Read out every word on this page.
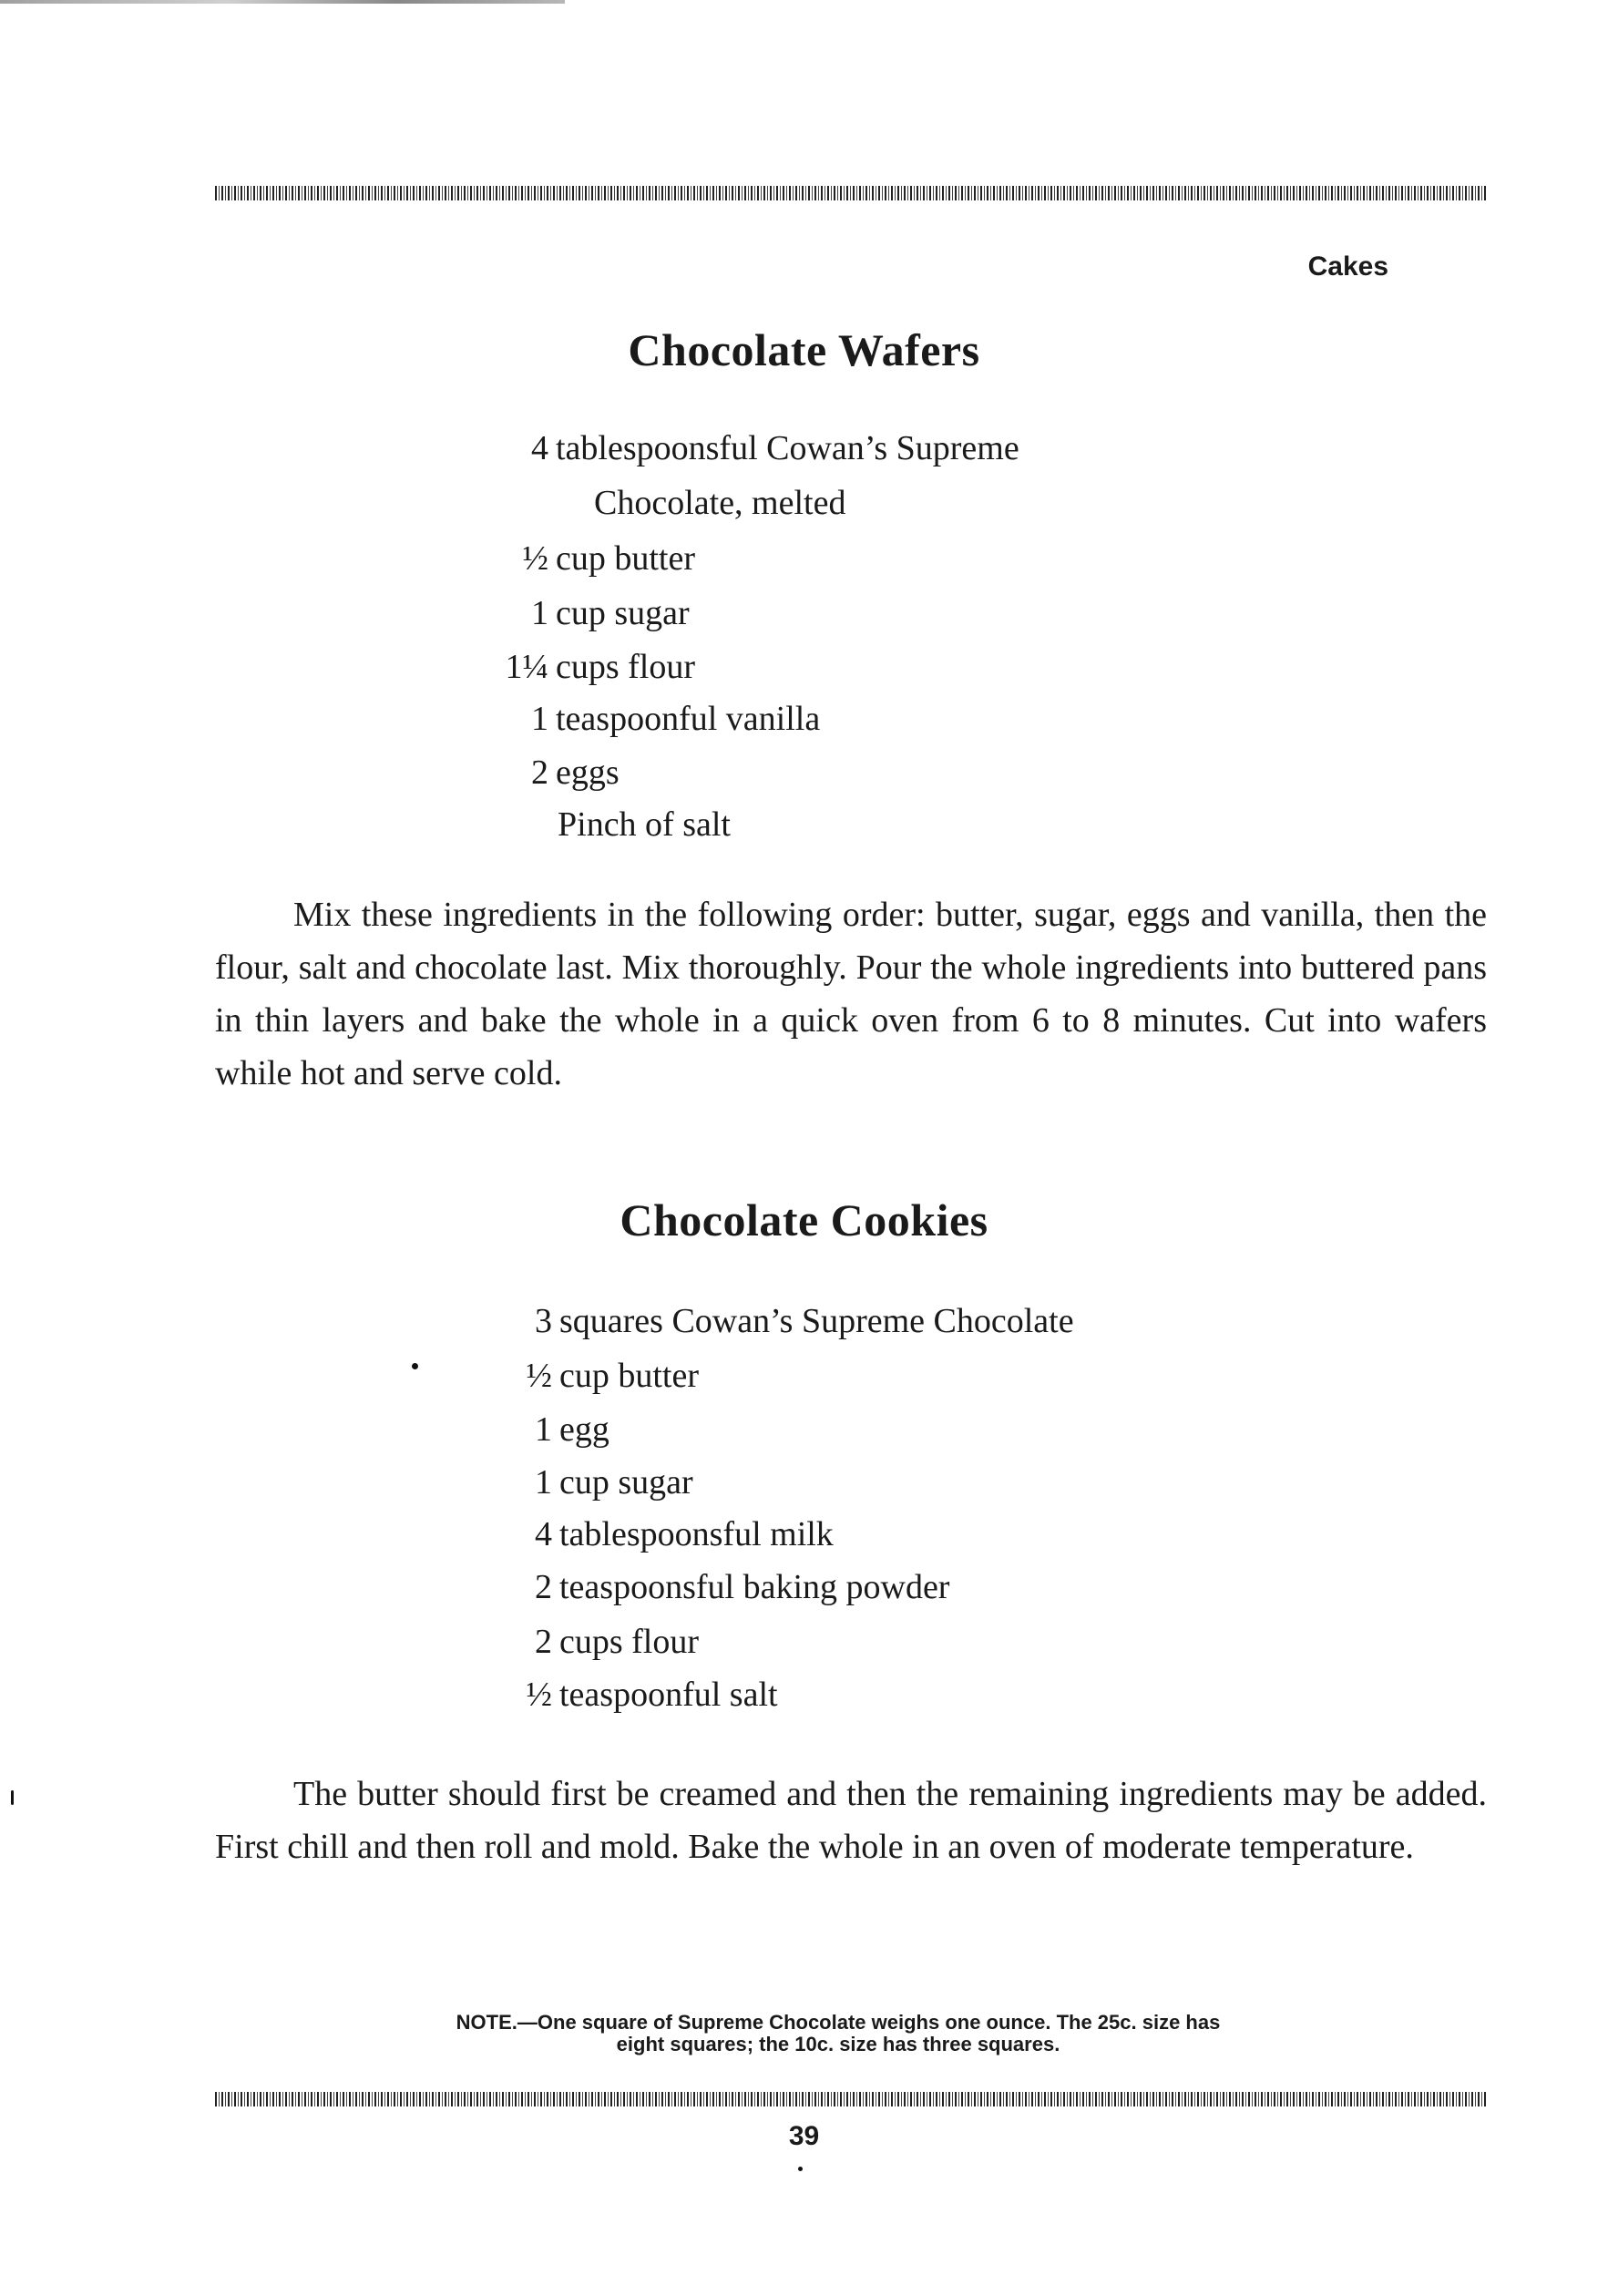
Cakes
Chocolate Wafers
4 tablespoonsful Cowan’s Supreme
Chocolate, melted
½ cup butter
1 cup sugar
1¼ cups flour
1 teaspoonful vanilla
2 eggs
Pinch of salt

Mix these ingredients in the following order: butter, sugar, eggs and vanilla, then the flour, salt and chocolate last. Mix thoroughly. Pour the whole ingredients into buttered pans in thin layers and bake the whole in a quick oven from 6 to 8 minutes. Cut into wafers while hot and serve cold.

Chocolate Cookies
3 squares Cowan’s Supreme Chocolate
½ cup butter
1 egg
1 cup sugar
4 tablespoonsful milk
2 teaspoonsful baking powder
2 cups flour
½ teaspoonful salt

The butter should first be creamed and then the remaining ingredients may be added. First chill and then roll and mold. Bake the whole in an oven of moderate temperature.

NOTE.—One square of Supreme Chocolate weighs one ounce. The 25c. size has
eight squares; the 10c. size has three squares.

39
